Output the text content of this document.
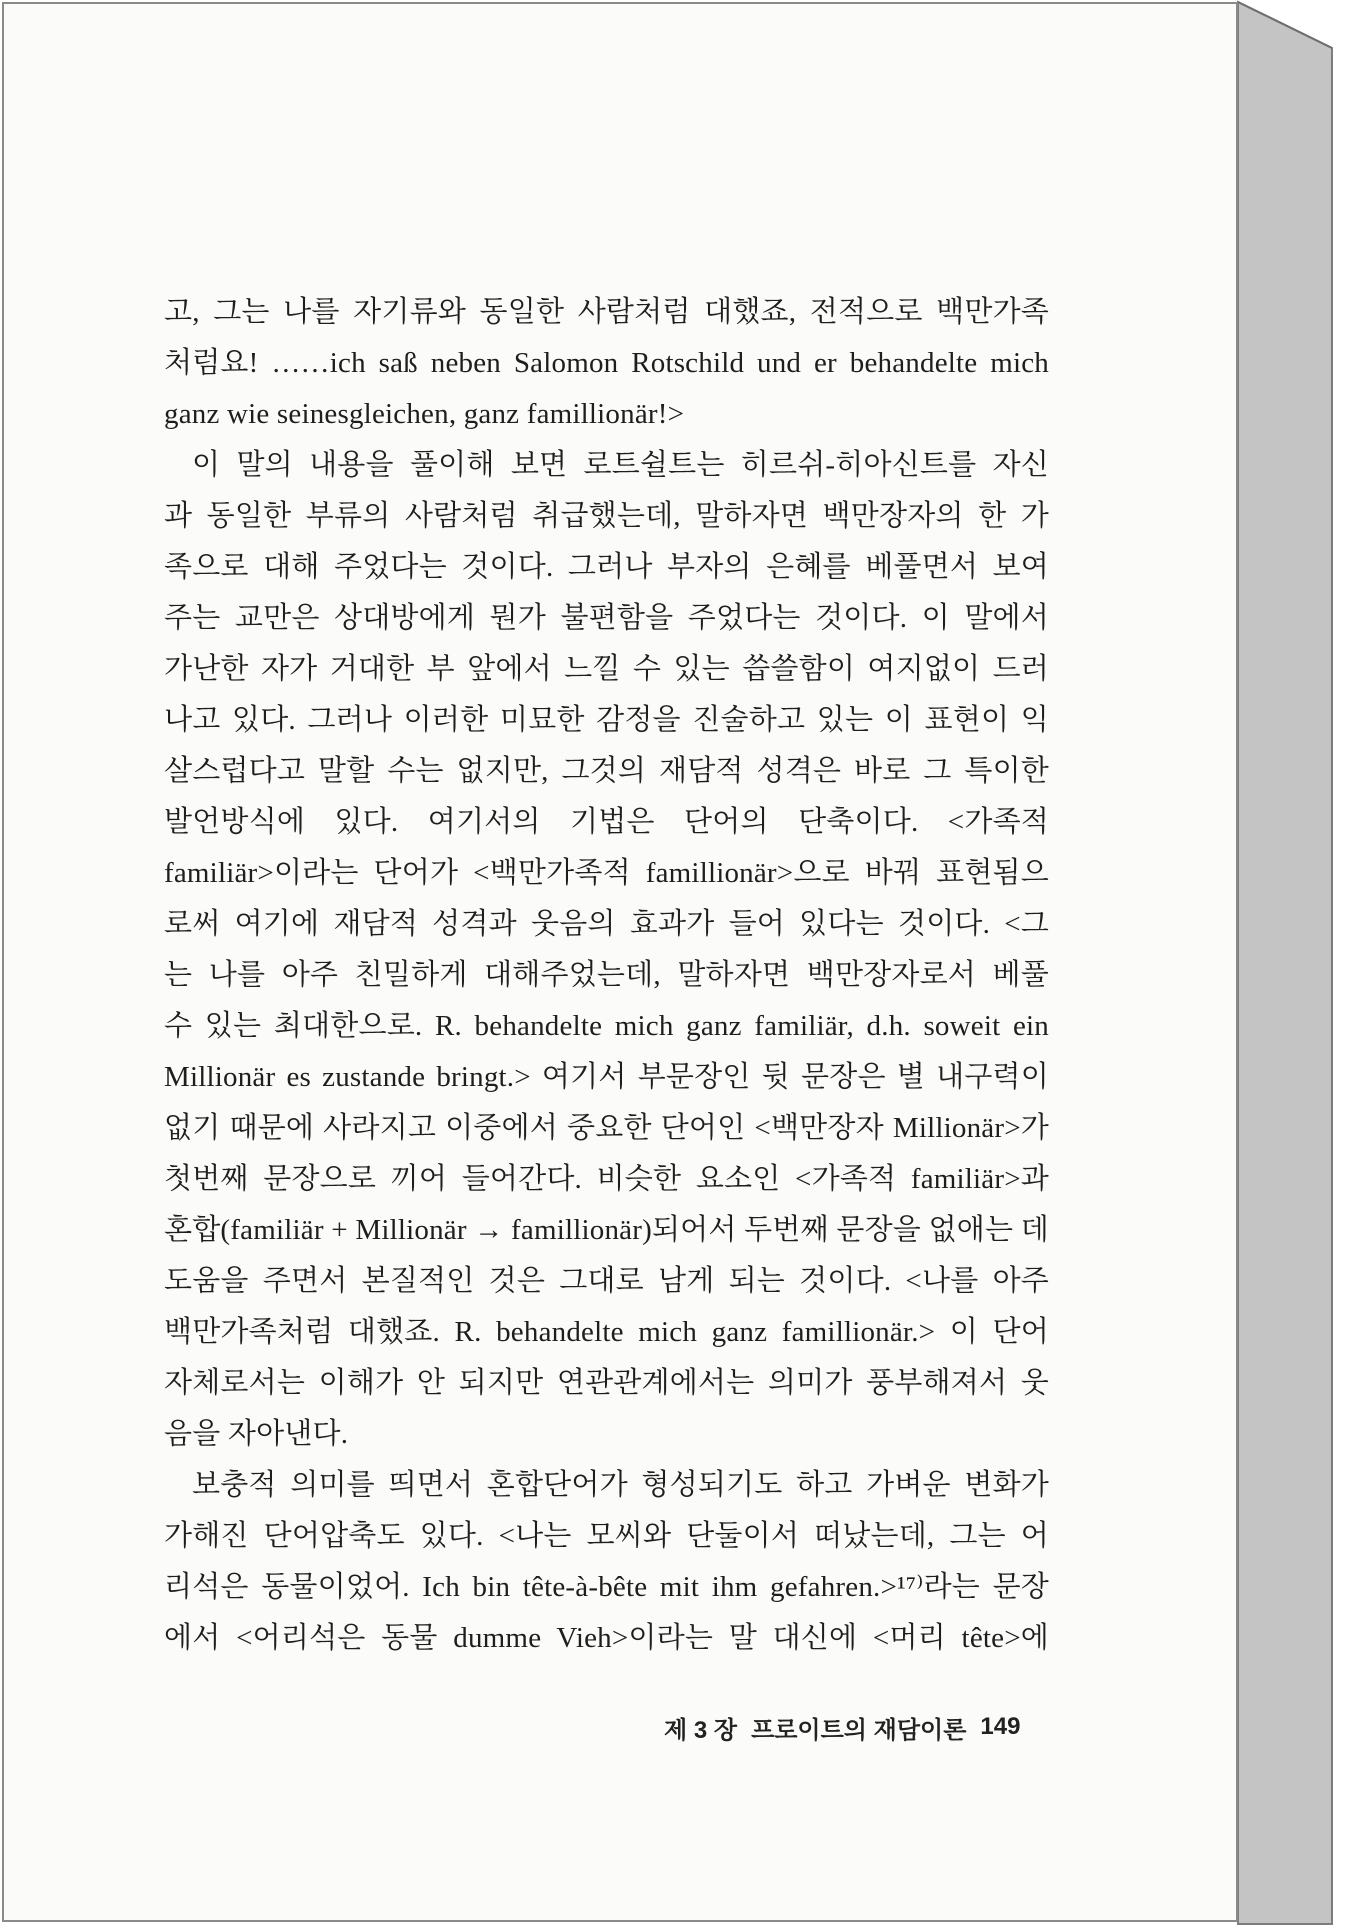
고, 그는 나를 자기류와 동일한 사람처럼 대했죠, 전적으로 백만가족
처럼요! ……ich saß neben Salomon Rotschild und er behandelte mich
ganz wie seinesgleichen, ganz famillionär!>
이 말의 내용을 풀이해 보면 로트쉴트는 히르쉬-히아신트를 자신
과 동일한 부류의 사람처럼 취급했는데, 말하자면 백만장자의 한 가
족으로 대해 주었다는 것이다. 그러나 부자의 은혜를 베풀면서 보여
주는 교만은 상대방에게 뭔가 불편함을 주었다는 것이다. 이 말에서
가난한 자가 거대한 부 앞에서 느낄 수 있는 씁쓸함이 여지없이 드러
나고 있다. 그러나 이러한 미묘한 감정을 진술하고 있는 이 표현이 익
살스럽다고 말할 수는 없지만, 그것의 재담적 성격은 바로 그 특이한
발언방식에 있다. 여기서의 기법은 단어의 단축이다. <가족적
familiär>이라는 단어가 <백만가족적 famillionär>으로 바꿔 표현됨으
로써 여기에 재담적 성격과 웃음의 효과가 들어 있다는 것이다. <그
는 나를 아주 친밀하게 대해주었는데, 말하자면 백만장자로서 베풀
수 있는 최대한으로. R. behandelte mich ganz familiär, d.h. soweit ein
Millionär es zustande bringt.> 여기서 부문장인 뒷 문장은 별 내구력이
없기 때문에 사라지고 이중에서 중요한 단어인 <백만장자 Millionär>가
첫번째 문장으로 끼어 들어간다. 비슷한 요소인 <가족적 familiär>과
혼합(familiär + Millionär → famillionär)되어서 두번째 문장을 없애는 데
도움을 주면서 본질적인 것은 그대로 남게 되는 것이다. <나를 아주
백만가족처럼 대했죠. R. behandelte mich ganz famillionär.> 이 단어
자체로서는 이해가 안 되지만 연관관계에서는 의미가 풍부해져서 웃
음을 자아낸다.
보충적 의미를 띄면서 혼합단어가 형성되기도 하고 가벼운 변화가
가해진 단어압축도 있다. <나는 모씨와 단둘이서 떠났는데, 그는 어
리석은 동물이었어. Ich bin tête-à-bête mit ihm gefahren.>¹⁷⁾라는 문장
에서 <어리석은 동물 dumme Vieh>이라는 말 대신에 <머리 tête>에
제 3 장 프로이트의 재담이론 149
